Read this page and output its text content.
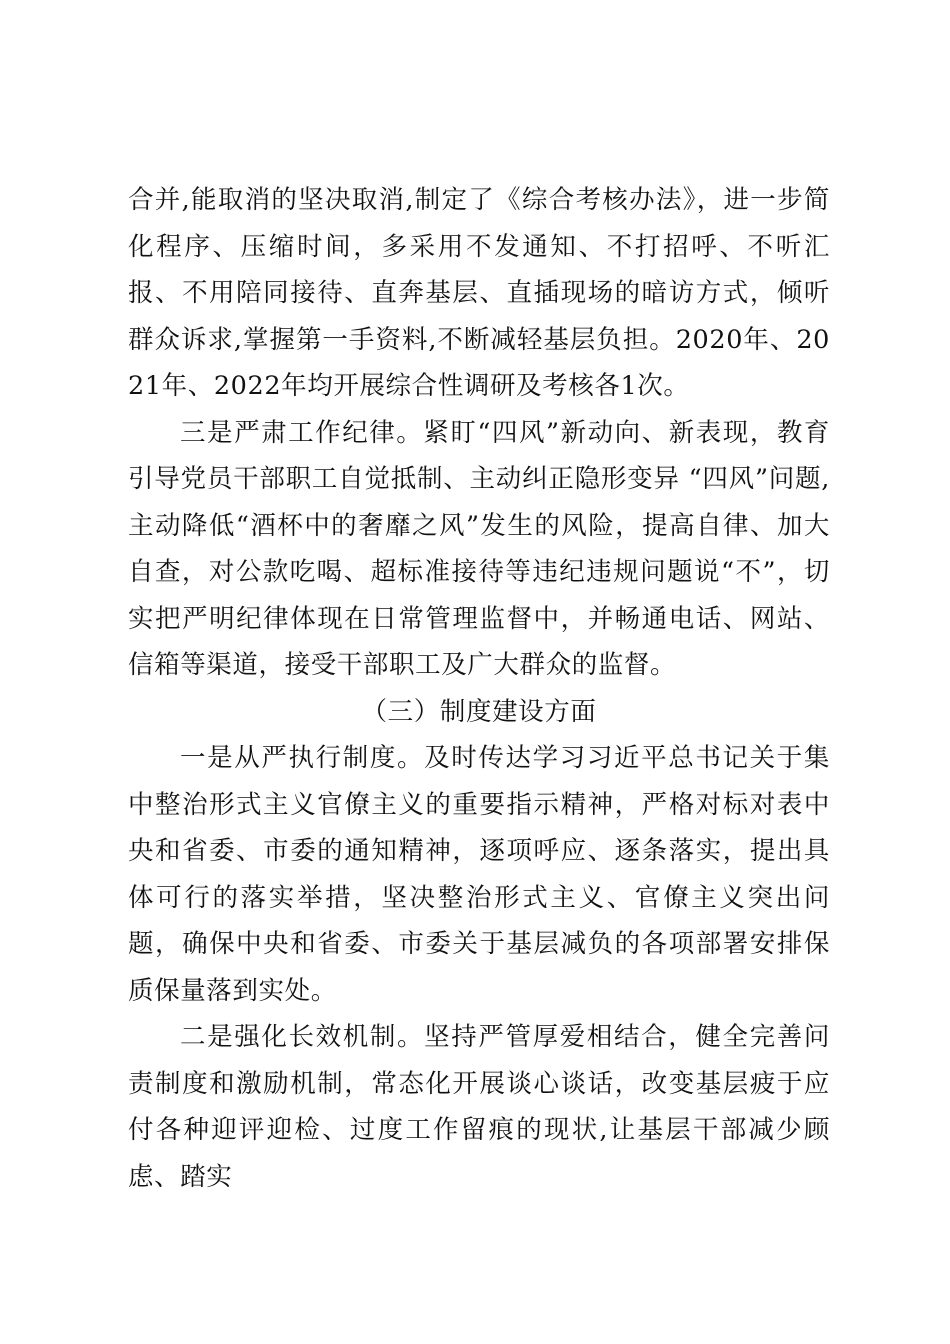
合并,能取消的坚决取消,制定了《综合考核办法》，进一步简化程序、压缩时间，多采用不发通知、不打招呼、不听汇报、不用陪同接待、直奔基层、直插现场的暗访方式，倾听群众诉求,掌握第一手资料,不断减轻基层负担。2020年、2021年、2022年均开展综合性调研及考核各1次。

三是严肃工作纪律。紧盯“四风”新动向、新表现，教育引导党员干部职工自觉抵制、主动纠正隐形变异 “四风”问题,主动降低“酒杯中的奢靡之风”发生的风险，提高自律、加大自查，对公款吃喝、超标准接待等违纪违规问题说“不”，切实把严明纪律体现在日常管理监督中，并畅通电话、网站、信箱等渠道，接受干部职工及广大群众的监督。

（三）制度建设方面

一是从严执行制度。及时传达学习习近平总书记关于集中整治形式主义官僚主义的重要指示精神，严格对标对表中央和省委、市委的通知精神，逐项呼应、逐条落实，提出具体可行的落实举措，坚决整治形式主义、官僚主义突出问题，确保中央和省委、市委关于基层减负的各项部署安排保质保量落到实处。

二是强化长效机制。坚持严管厚爱相结合，健全完善问责制度和激励机制，常态化开展谈心谈话，改变基层疲于应付各种迎评迎检、过度工作留痕的现状,让基层干部减少顾虑、踏实
